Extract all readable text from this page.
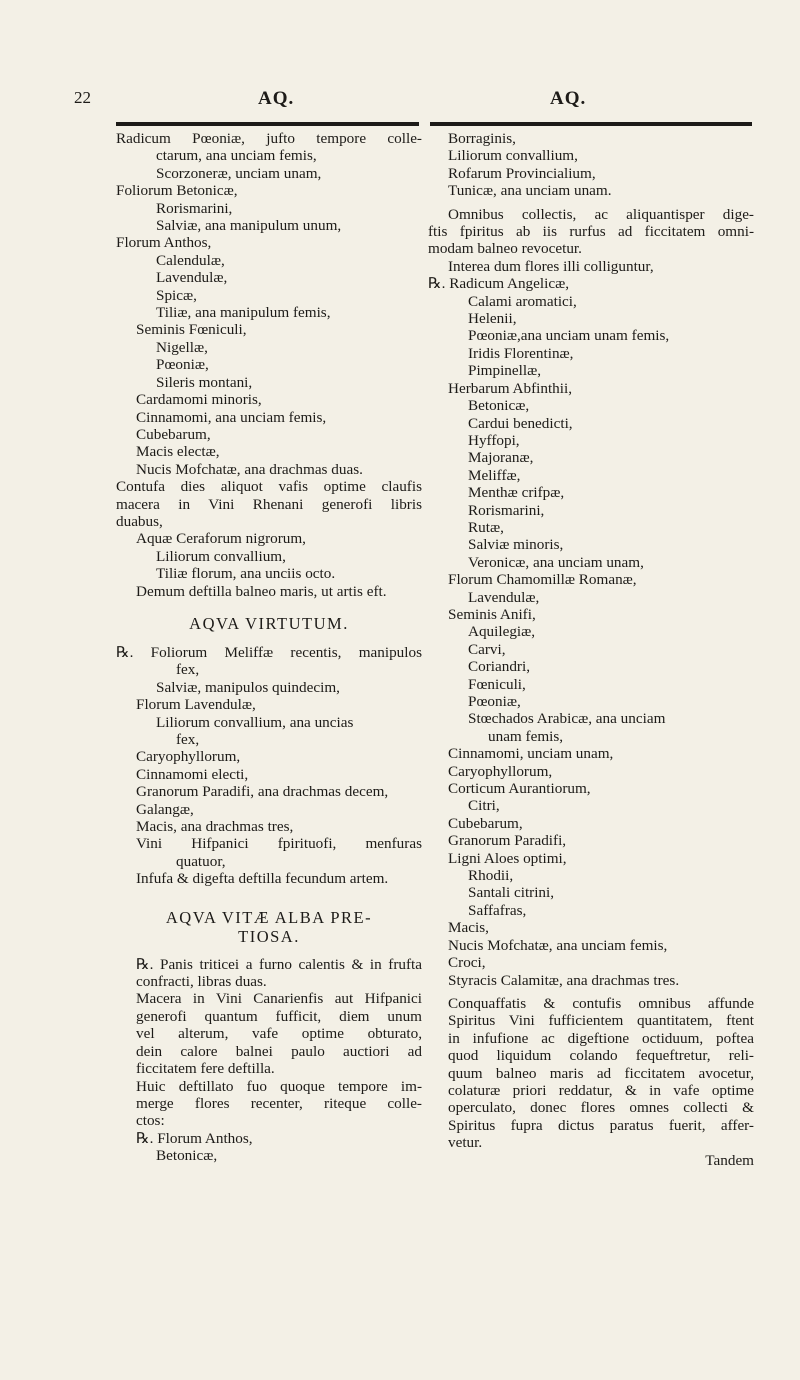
22	AQ.	AQ.
Radicum Pœoniæ, jufto tempore colle-
ctarum, ana unciam femis,
Scorzoneræ, unciam unam,
Foliorum Betonicæ,
Rorismarini,
Salviæ, ana manipulum unum,
Florum Anthos,
Calendulæ,
Lavendulæ,
Spicæ,
Tiliæ, ana manipulum femis,
Seminis Fœniculi,
Nigellæ,
Pœoniæ,
Sileris montani,
Cardamomi minoris,
Cinnamomi, ana unciam femis,
Cubebarum,
Macis electæ,
Nucis Mofchatæ, ana drachmas duas.
Contufa dies aliquot vafis optime claufis
macera in Vini Rhenani generofi libris
duabus,
Aquæ Ceraforum nigrorum,
Liliorum convallium,
Tiliæ florum, ana unciis octo.
Demum deftilla balneo maris, ut artis eft.
AQVA VIRTUTUM.
℞. Foliorum Meliffæ recentis, manipulos
fex,
Salviæ, manipulos quindecim,
Florum Lavendulæ,
Liliorum convallium, ana uncias
fex,
Caryophyllorum,
Cinnamomi electi,
Granorum Paradifi, ana drachmas decem,
Galangæ,
Macis, ana drachmas tres,
Vini Hifpanici fpirituofi, menfuras
quatuor,
Infufa & digefta deftilla fecundum artem.
AQVA VITÆ ALBA PRE-
TIOSA.
℞. Panis triticei a furno calentis & in frufta
confracti, libras duas.
Macera in Vini Canarienfis aut Hifpanici
generofi quantum fufficit, diem unum
vel alterum, vafe optime obturato,
dein calore balnei paulo auctiori ad
ficcitatem fere deftilla.
Huic deftillato fuo quoque tempore im-
merge flores recenter, riteque colle-
ctos:
℞. Florum Anthos,
Betonicæ,
Borraginis,
Liliorum convallium,
Rofarum Provincialium,
Tunicæ, ana unciam unam.
Omnibus collectis, ac aliquantisper dige-
ftis fpiritus ab iis rurfus ad ficcitatem omni-
modam balneo revocetur.
Interea dum flores illi colliguntur,
℞. Radicum Angelicæ,
Calami aromatici,
Helenii,
Pœoniæ,ana unciam unam femis,
Iridis Florentinæ,
Pimpinellæ,
Herbarum Abfinthii,
Betonicæ,
Cardui benedicti,
Hyffopi,
Majoranæ,
Meliffæ,
Menthæ crifpæ,
Rorismarini,
Rutæ,
Salviæ minoris,
Veronicæ, ana unciam unam,
Florum Chamomillæ Romanæ,
Lavendulæ,
Seminis Anifi,
Aquilegiæ,
Carvi,
Coriandri,
Fœniculi,
Pœoniæ,
Stœchados Arabicæ, ana unciam
unam femis,
Cinnamomi, unciam unam,
Caryophyllorum,
Corticum Aurantiorum,
Citri,
Cubebarum,
Granorum Paradifi,
Ligni Aloes optimi,
Rhodii,
Santali citrini,
Saffafras,
Macis,
Nucis Mofchatæ, ana unciam femis,
Croci,
Styracis Calamitæ, ana drachmas tres.
Conquaffatis & contufis omnibus affunde
Spiritus Vini fufficientem quantitatem, ftent
in infufione ac digeftione octiduum, poftea
quod liquidum colando fequeftretur, reli-
quum balneo maris ad ficcitatem avocetur,
colaturæ priori reddatur, & in vafe optime
operculato, donec flores omnes collecti &
Spiritus fupra dictus paratus fuerit, affer-
vetur.
Tandem
